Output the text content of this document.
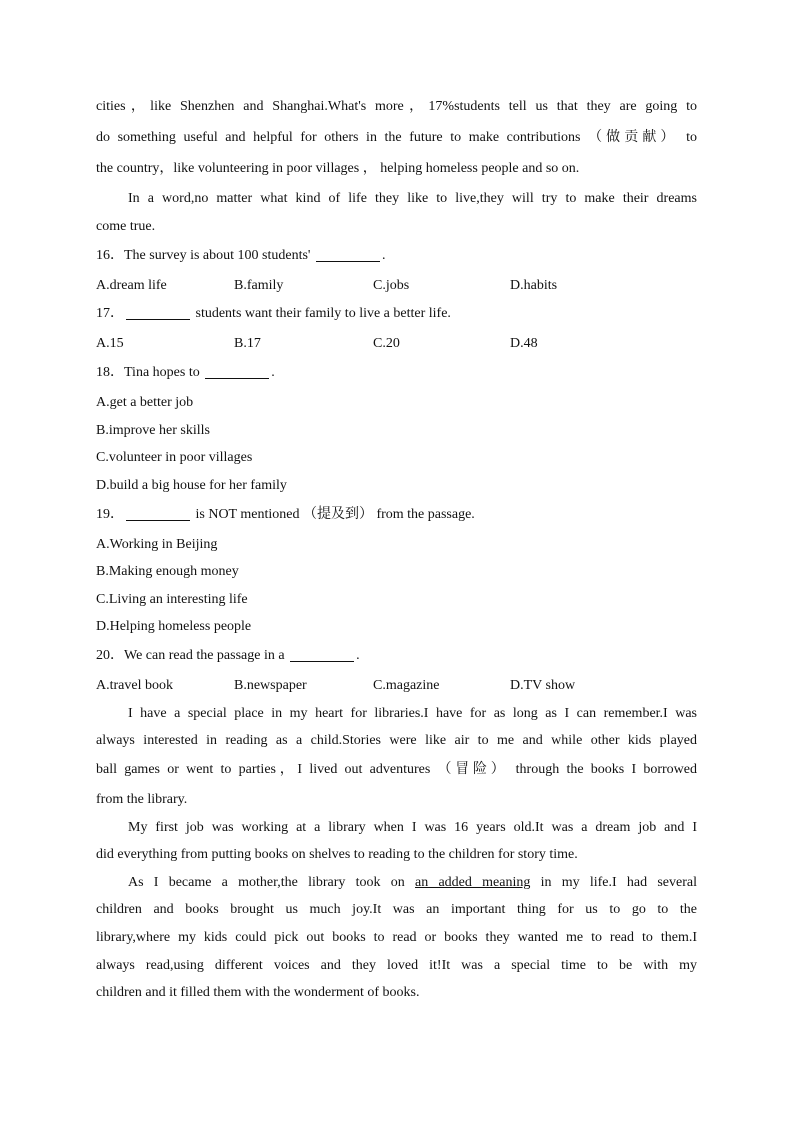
cities，like Shenzhen and Shanghai.What's more，17%students tell us that they are going to
do something useful and helpful for others in the future to make contributions （做贡献） to
the country，like volunteering in poor villages ， helping homeless people and so on.
In a word,no matter what kind of life they like to live,they will try to make their dreams
come true.
16．The survey is about 100 students'	.
A.dream life	B.family	C.jobs	D.habits
17．	students want their family to live a better life.
A.15	B.17	C.20	D.48
18．Tina hopes to	.
A.get a better job
B.improve her skills
C.volunteer in poor villages
D.build a big house for her family
19．	is NOT mentioned （提及到） from the passage.
A.Working in Beijing
B.Making enough money
C.Living an interesting life
D.Helping homeless people
20．We can read the passage in a	.
A.travel book	B.newspaper	C.magazine	D.TV show
I have a special place in my heart for libraries.I have for as long as I can remember.I was
always interested in reading as a child.Stories were like air to me and while other kids played
ball games or went to parties，I lived out adventures （冒险） through the books I borrowed
from the library.
My first job was working at a library when I was 16 years old.It was a dream job and I
did everything from putting books on shelves to reading to the children for story time.
As I became a mother,the library took on an added meaning in my life.I had several
children and books brought us much joy.It was an important thing for us to go to the
library,where my kids could pick out books to read or books they wanted me to read to them.I
always read,using different voices and they loved it!It was a special time to be with my
children and it filled them with the wonderment of books.
